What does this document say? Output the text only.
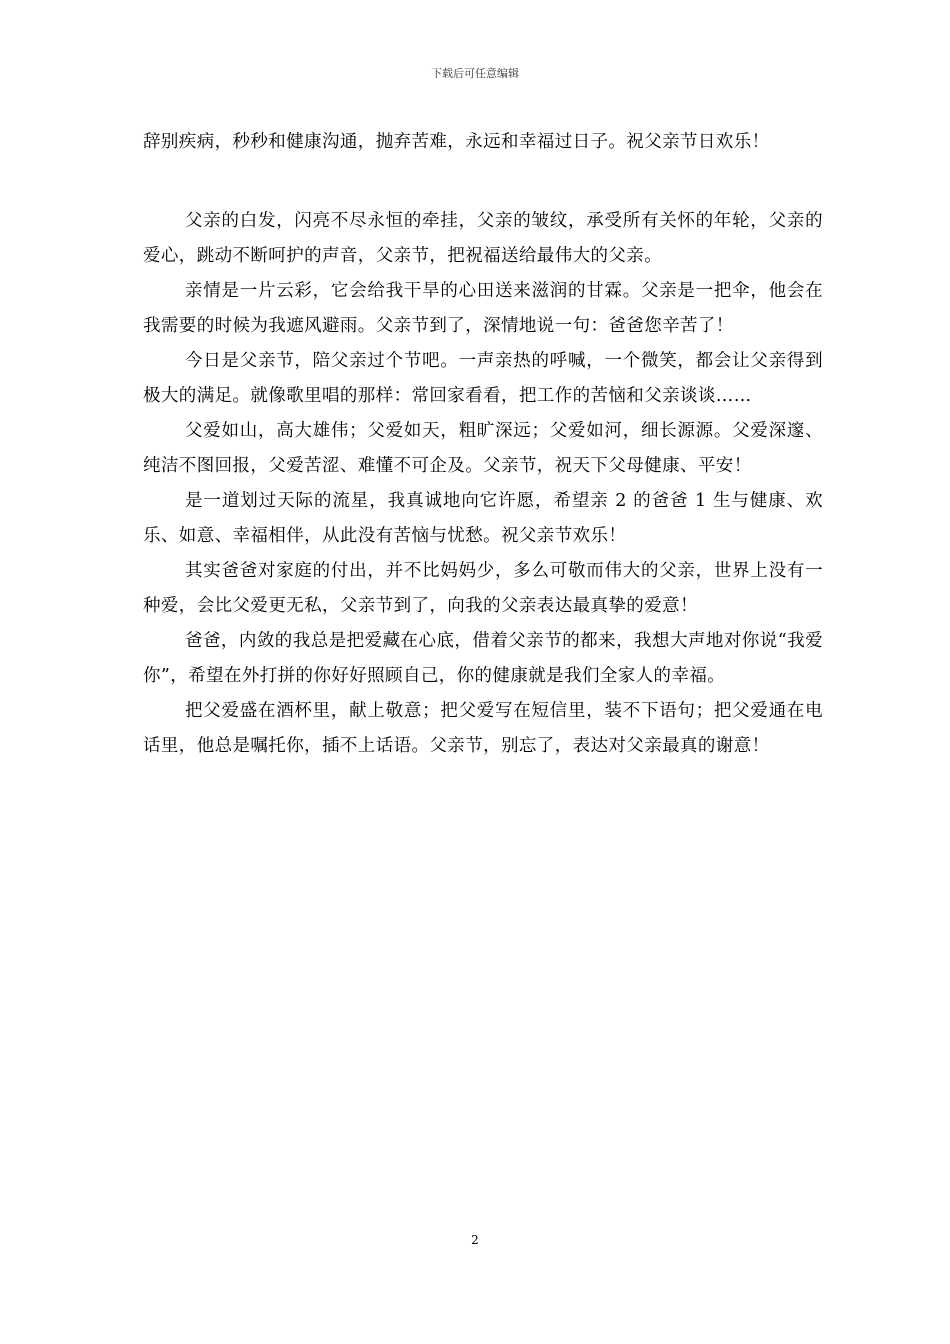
下载后可任意编辑

辞别疾病，秒秒和健康沟通，抛弃苦难，永远和幸福过日子。祝父亲节日欢乐！

父亲的白发，闪亮不尽永恒的牵挂，父亲的皱纹，承受所有关怀的年轮，父亲的爱心，跳动不断呵护的声音，父亲节，把祝福送给最伟大的父亲。

亲情是一片云彩，它会给我干旱的心田送来滋润的甘霖。父亲是一把伞，他会在我需要的时候为我遮风避雨。父亲节到了，深情地说一句：爸爸您辛苦了！

今日是父亲节，陪父亲过个节吧。一声亲热的呼喊，一个微笑，都会让父亲得到极大的满足。就像歌里唱的那样：常回家看看，把工作的苦恼和父亲谈谈……

父爱如山，高大雄伟；父爱如天，粗旷深远；父爱如河，细长源源。父爱深邃、纯洁不图回报，父爱苦涩、难懂不可企及。父亲节，祝天下父母健康、平安！

是一道划过天际的流星，我真诚地向它许愿，希望亲 2 的爸爸 1 生与健康、欢乐、如意、幸福相伴，从此没有苦恼与忧愁。祝父亲节欢乐！

其实爸爸对家庭的付出，并不比妈妈少，多么可敬而伟大的父亲，世界上没有一种爱，会比父爱更无私，父亲节到了，向我的父亲表达最真挚的爱意！

爸爸，内敛的我总是把爱藏在心底，借着父亲节的都来，我想大声地对你说“我爱你”，希望在外打拼的你好好照顾自己，你的健康就是我们全家人的幸福。

把父爱盛在酒杯里，献上敬意；把父爱写在短信里，装不下语句；把父爱通在电话里，他总是嘱托你，插不上话语。父亲节，别忘了，表达对父亲最真的谢意！

2
